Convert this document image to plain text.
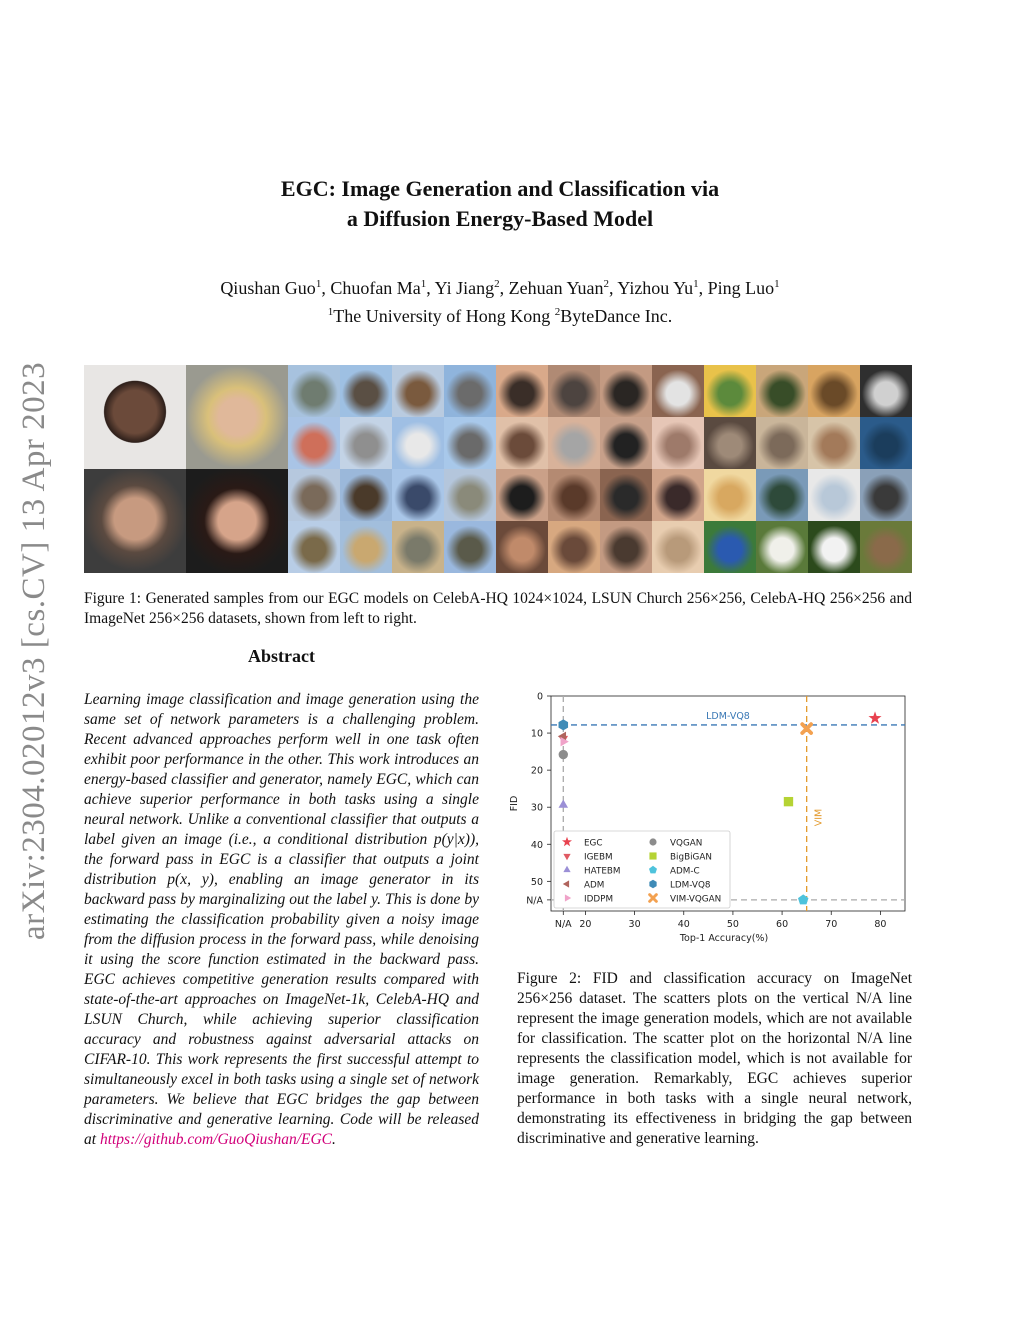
arXiv:2304.02012v3 [cs.CV] 13 Apr 2023
EGC: Image Generation and Classification via
a Diffusion Energy-Based Model
Qiushan Guo$^1$, Chuofan Ma$^1$, Yi Jiang$^2$, Zehuan Yuan$^2$, Yizhou Yu$^1$, Ping Luo$^1$
$^1$The University of Hong Kong $^2$ByteDance Inc.
Figure 1: Generated samples from our EGC models on CelebA-HQ 1024×1024, LSUN Church 256×256, CelebA-HQ 256×256 and ImageNet 256×256 datasets, shown from left to right.
Abstract
Learning image classification and image generation using the same set of network parameters is a challenging problem. Recent advanced approaches perform well in one task often exhibit poor performance in the other. This work introduces an energy-based classifier and generator, namely EGC, which can achieve superior performance in both tasks using a single neural network. Unlike a conventional classifier that outputs a label given an image (i.e., a conditional distribution p(y|x)), the forward pass in EGC is a classifier that outputs a joint distribution p(x, y), enabling an image generator in its backward pass by marginalizing out the label y. This is done by estimating the classification probability given a noisy image from the diffusion process in the forward pass, while denoising it using the score function estimated in the backward pass. EGC achieves competitive generation results compared with state-of-the-art approaches on ImageNet-1k, CelebA-HQ and LSUN Church, while achieving superior classification accuracy and robustness against adversarial attacks on CIFAR-10. This work represents the first successful attempt to simultaneously excel in both tasks using a single set of network parameters. We believe that EGC bridges the gap between discriminative and generative learning. Code will be released at https://github.com/GuoQiushan/EGC.
N/A 20	30	40	50	60	70	80
0
10
20
30
40
50
N/A
Top-1 Accuracy(%)
FID
LDM-VQ8
VIM
EGC
IGEBM
HATEBM
ADM
IDDPM
VQGAN
BigBiGAN
ADM-C
LDM-VQ8
VIM-VQGAN
Figure 2: FID and classification accuracy on ImageNet 256×256 dataset. The scatters plots on the vertical N/A line represent the image generation models, which are not available for classification. The scatter plot on the horizontal N/A line represents the classification model, which is not available for image generation. Remarkably, EGC achieves superior performance in both tasks with a single neural network, demonstrating its effectiveness in bridging the gap between discriminative and generative learning.
